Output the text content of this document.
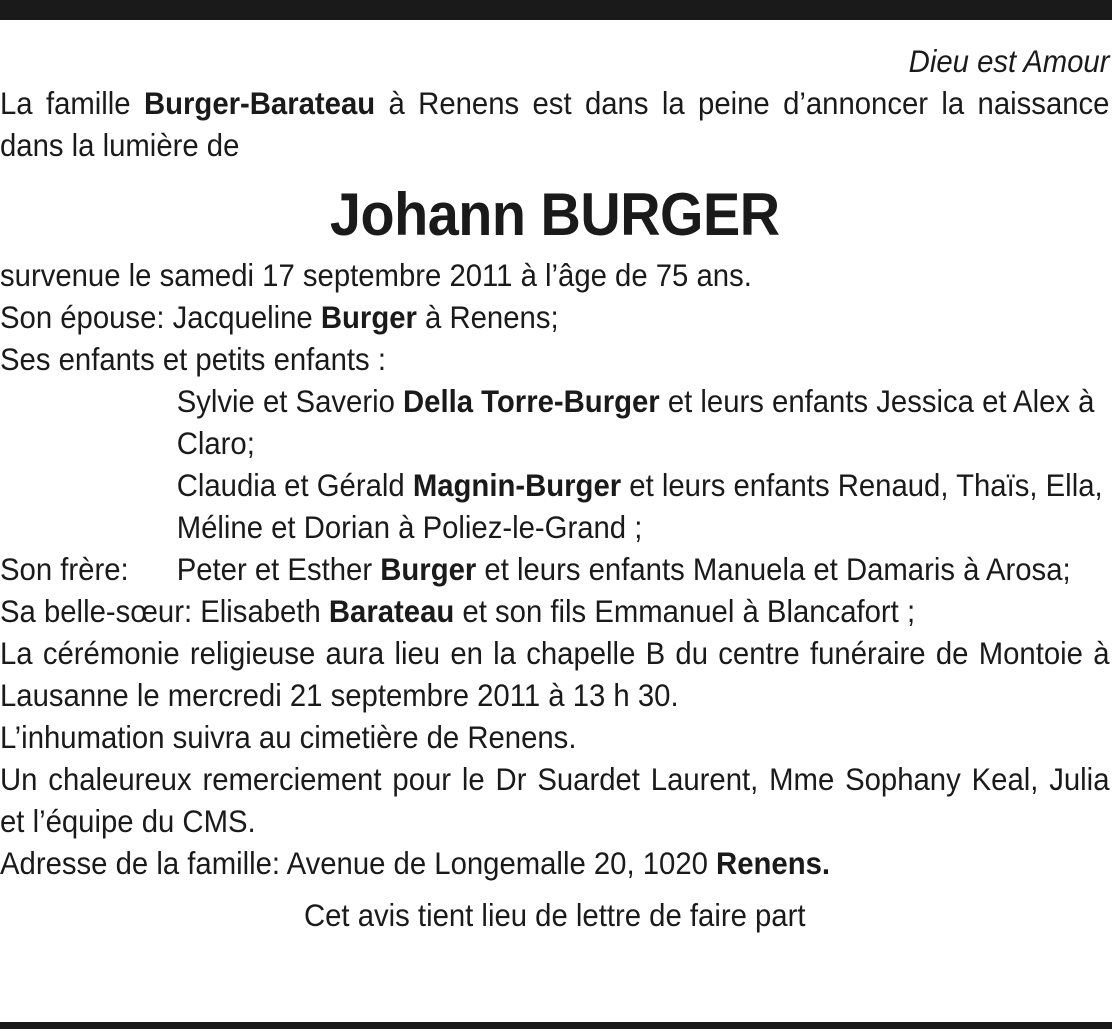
Dieu est Amour
La famille Burger-Barateau à Renens est dans la peine d’annoncer la naissance dans la lumière de
Johann BURGER
survenue le samedi 17 septembre 2011 à l’âge de 75 ans.
Son épouse: Jacqueline Burger à Renens;
Ses enfants et petits enfants :
Sylvie et Saverio Della Torre-Burger et leurs enfants Jessica et Alex à Claro;
Claudia et Gérald Magnin-Burger et leurs enfants Renaud, Thaïs, Ella, Méline et Dorian à Poliez-le-Grand ;
Son frère:	Peter et Esther Burger et leurs enfants Manuela et Damaris à Arosa;
Sa belle-sœur: Elisabeth Barateau et son fils Emmanuel à Blancafort ;
La cérémonie religieuse aura lieu en la chapelle B du centre funéraire de Montoie à Lausanne le mercredi 21 septembre 2011 à 13 h 30.
L’inhumation suivra au cimetière de Renens.
Un chaleureux remerciement pour le Dr Suardet Laurent, Mme Sophany Keal, Julia et l’équipe du CMS.
Adresse de la famille: Avenue de Longemalle 20, 1020 Renens.
Cet avis tient lieu de lettre de faire part
